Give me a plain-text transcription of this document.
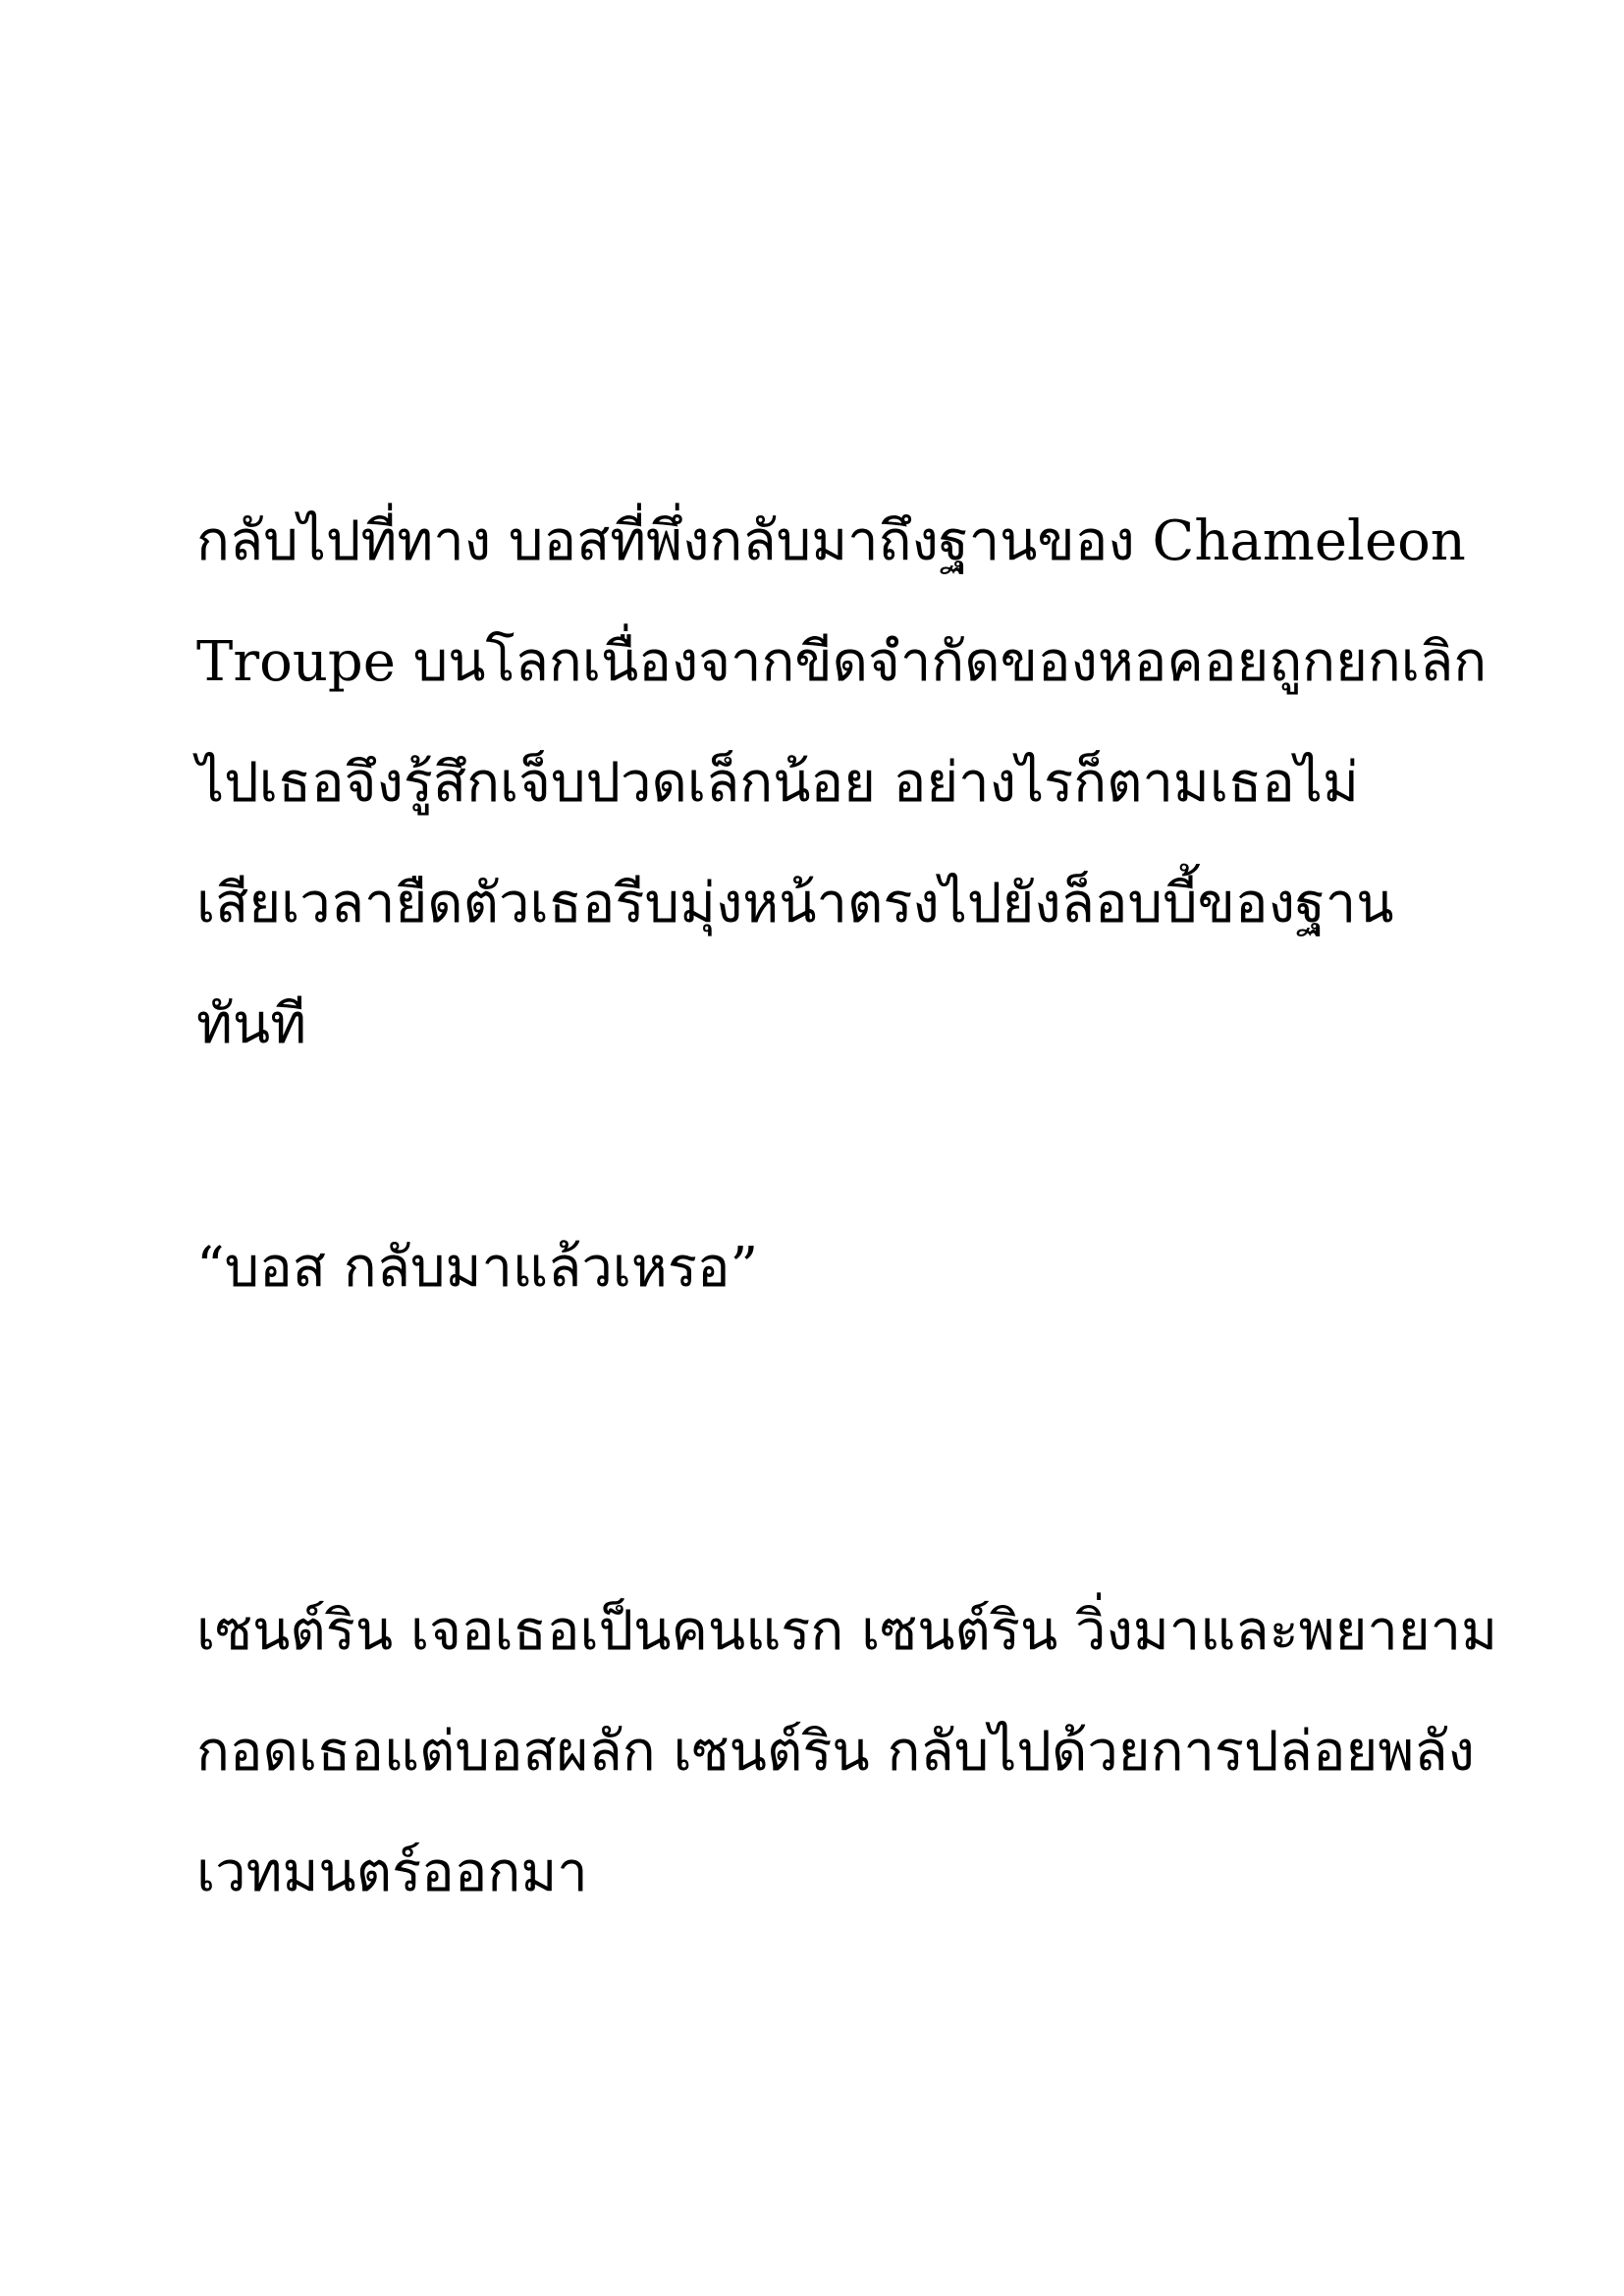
กลับไปที่ทาง บอสที่พึ่งกลับมาถึงฐานของ Chameleon
Troupe บนโลกเนื่องจากขีดจำกัดของหอคอยถูกยกเลิก
ไปเธอจึงรู้สึกเจ็บปวดเล็กน้อย อย่างไรก็ตามเธอไม่
เสียเวลายืดตัวเธอรีบมุ่งหน้าตรงไปยังล็อบบี้ของฐาน
ทันที

“บอส กลับมาแล้วเหรอ”

เซนต์ริน เจอเธอเป็นคนแรก เซนต์ริน วิ่งมาและพยายาม
กอดเธอแต่บอสผลัก เซนต์ริน กลับไปด้วยการปล่อยพลัง
เวทมนตร์ออกมา
